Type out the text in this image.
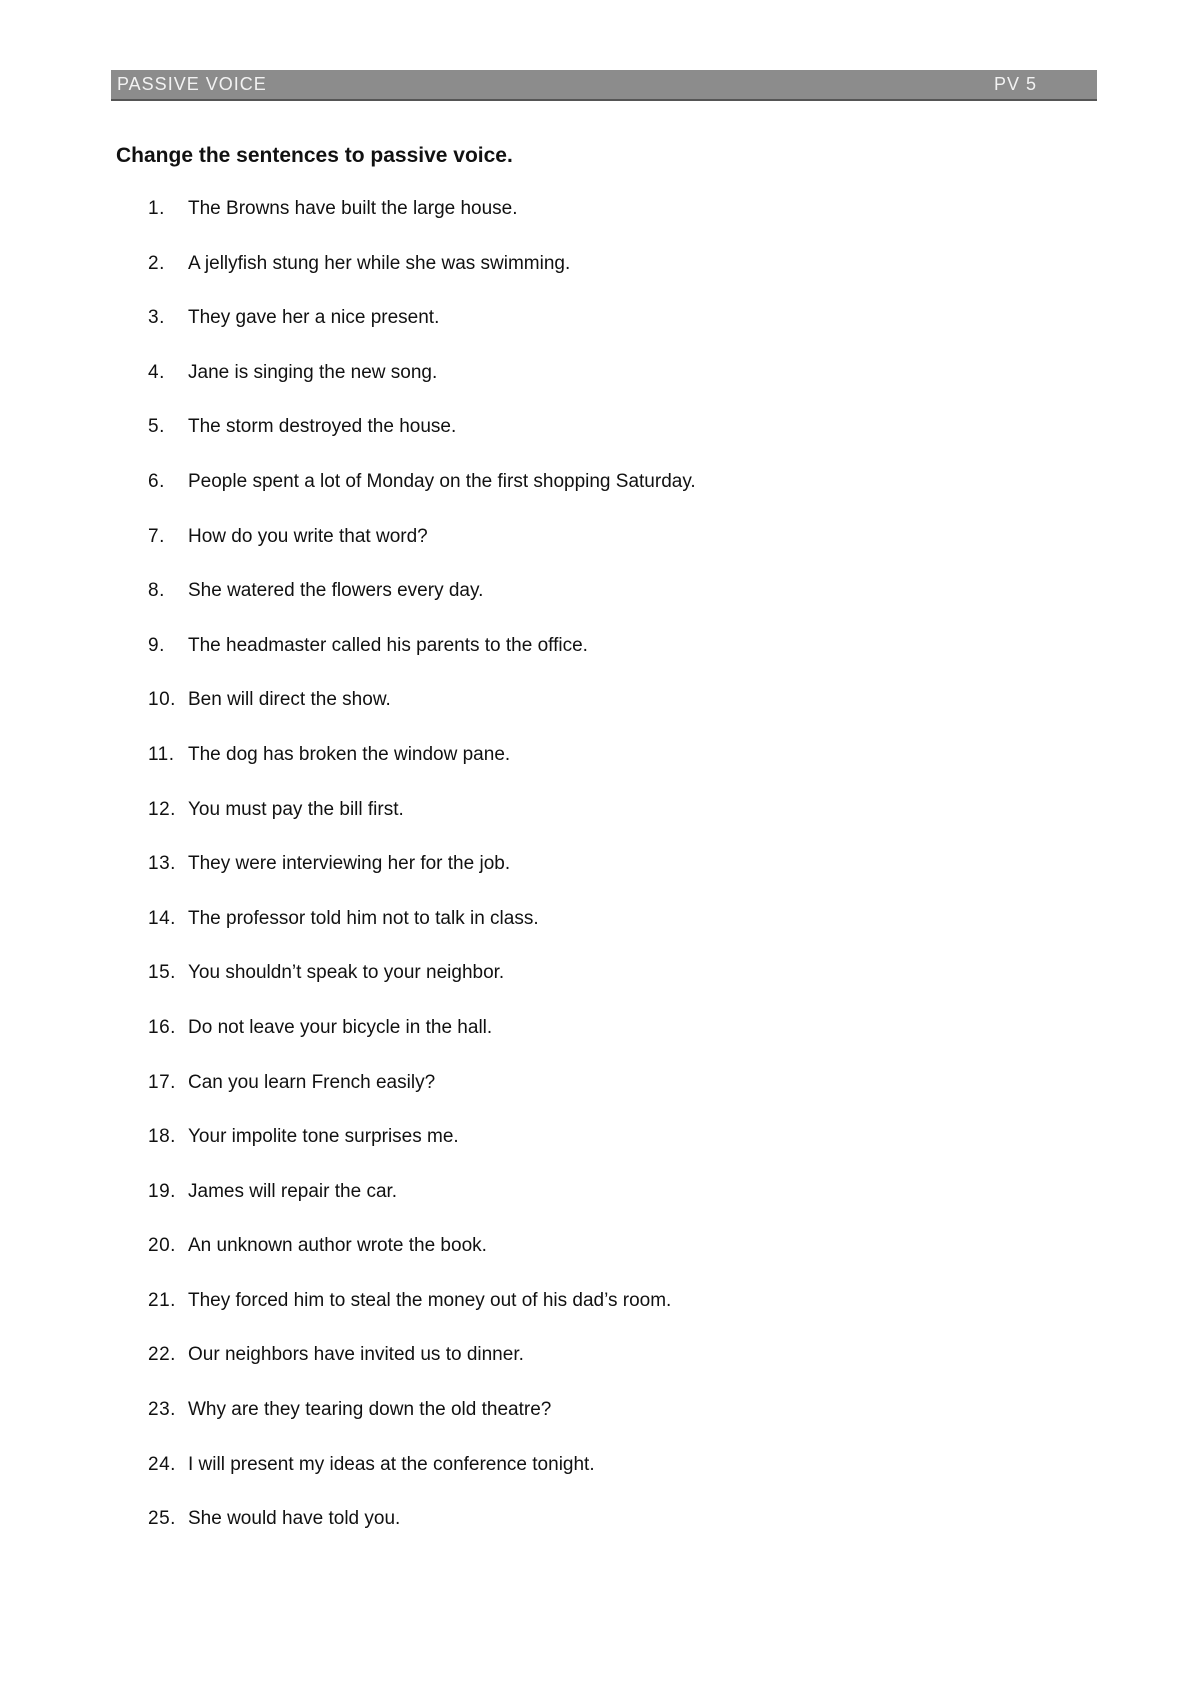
PASSIVE VOICE	PV 5
Change the sentences to passive voice.
1.	The Browns have built the large house.
2.	A jellyfish stung her while she was swimming.
3.	They gave her a nice present.
4.	Jane is singing the new song.
5.	The storm destroyed the house.
6.	People spent a lot of Monday on the first shopping Saturday.
7.	How do you write that word?
8.	She watered the flowers every day.
9.	The headmaster called his parents to the office.
10. Ben will direct the show.
11. The dog has broken the window pane.
12. You must pay the bill first.
13. They were interviewing her for the job.
14. The professor told him not to talk in class.
15. You shouldn’t speak to your neighbor.
16. Do not leave your bicycle in the hall.
17. Can you learn French easily?
18. Your impolite tone surprises me.
19. James will repair the car.
20. An unknown author wrote the book.
21. They forced him to steal the money out of his dad’s room.
22. Our neighbors have invited us to dinner.
23. Why are they tearing down the old theatre?
24. I will present my ideas at the conference tonight.
25. She would have told you.
